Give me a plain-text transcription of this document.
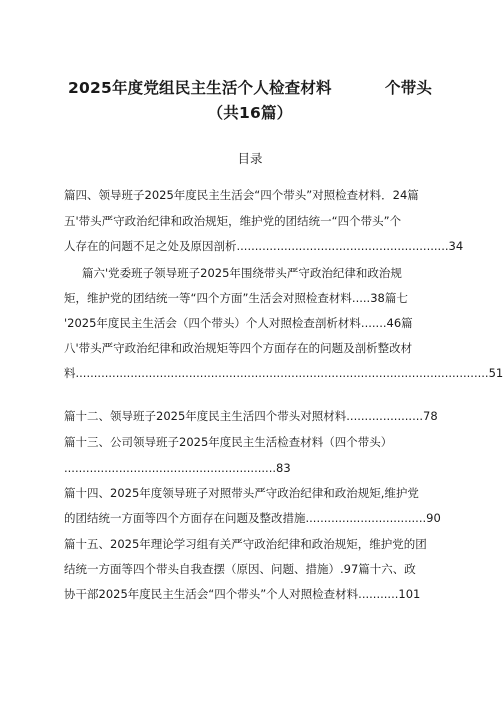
2025年度党组民主生活个人检查材料	个带头
（共16篇）
目录
篇四、领导班子2025年度民主生活会“四个带头”对照检查材料．24篇
五'带头严守政治纪律和政治规矩，维护党的团结统一“四个带头”个
人存在的问题不足之处及原因剖析..........................................................34
篇六'党委班子领导班子2025年围绕带头严守政治纪律和政治规
矩，维护党的团结统一等“四个方面”生活会对照检查材料.....38篇七
'2025年度民主生活会（四个带头）个人对照检查剖析材料.......46篇
八'带头严守政治纪律和政治规矩等四个方面存在的问题及剖析整改材
料.................................................................................................................51
篇十二、领导班子2025年度民主生活四个带头对照材料.....................78
篇十三、公司领导班子2025年度民主生活检查材料（四个带头）
..........................................................83
篇十四、2025年度领导班子对照带头严守政治纪律和政治规矩,维护党
的团结统一方面等四个方面存在问题及整改措施.................................90
篇十五、2025年理论学习组有关严守政治纪律和政治规矩，维护党的团
结统一方面等四个带头自我查摆（原因、问题、措施）.97篇十六、政
协干部2025年度民主生活会“四个带头”个人对照检查材料...........101
